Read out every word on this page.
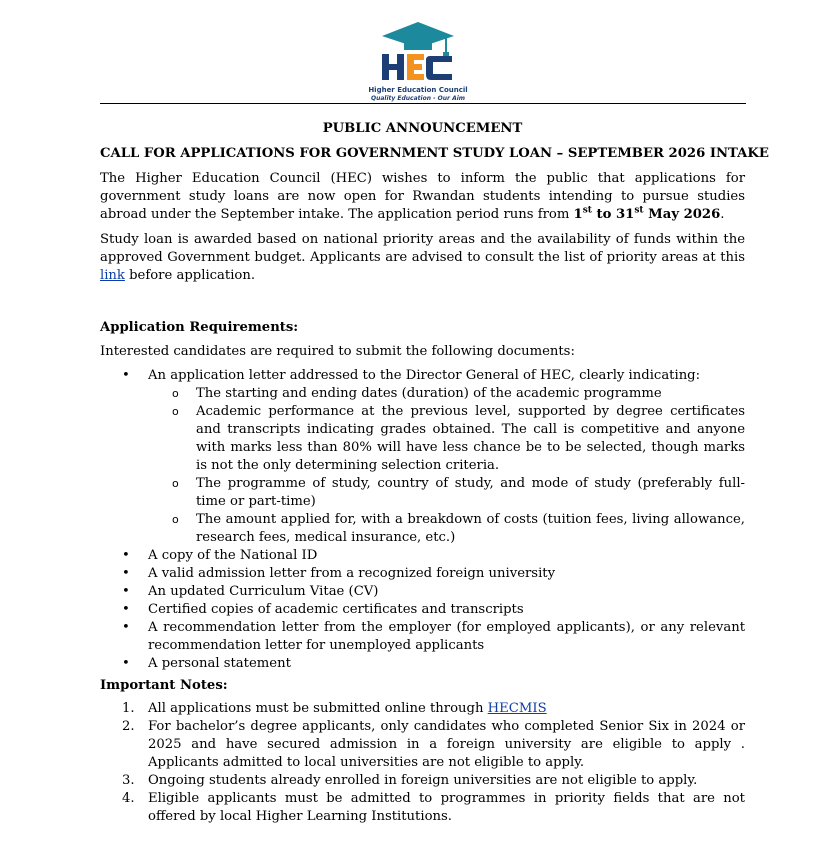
Higher Education Council
Quality Education - Our Aim
PUBLIC ANNOUNCEMENT
CALL FOR APPLICATIONS FOR GOVERNMENT STUDY LOAN – SEPTEMBER 2026 INTAKE

The Higher Education Council (HEC) wishes to inform the public that applications for government study loans are now open for Rwandan students intending to pursue studies abroad under the September intake. The application period runs from 1st to 31st May 2026.

Study loan is awarded based on national priority areas and the availability of funds within the approved Government budget. Applicants are advised to consult the list of priority areas at this link before application.

Application Requirements:
Interested candidates are required to submit the following documents:
• An application letter addressed to the Director General of HEC, clearly indicating:
o The starting and ending dates (duration) of the academic programme
o Academic performance at the previous level, supported by degree certificates and transcripts indicating grades obtained. The call is competitive and anyone with marks less than 80% will have less chance be to be selected, though marks is not the only determining selection criteria.
o The programme of study, country of study, and mode of study (preferably full-time or part-time)
o The amount applied for, with a breakdown of costs (tuition fees, living allowance, research fees, medical insurance, etc.)
• A copy of the National ID
• A valid admission letter from a recognized foreign university
• An updated Curriculum Vitae (CV)
• Certified copies of academic certificates and transcripts
• A recommendation letter from the employer (for employed applicants), or any relevant recommendation letter for unemployed applicants
• A personal statement
Important Notes:
1. All applications must be submitted online through HECMIS
2. For bachelor’s degree applicants, only candidates who completed Senior Six in 2024 or 2025 and have secured admission in a foreign university are eligible to apply . Applicants admitted to local universities are not eligible to apply.
3. Ongoing students already enrolled in foreign universities are not eligible to apply.
4. Eligible applicants must be admitted to programmes in priority fields that are not offered by local Higher Learning Institutions.
